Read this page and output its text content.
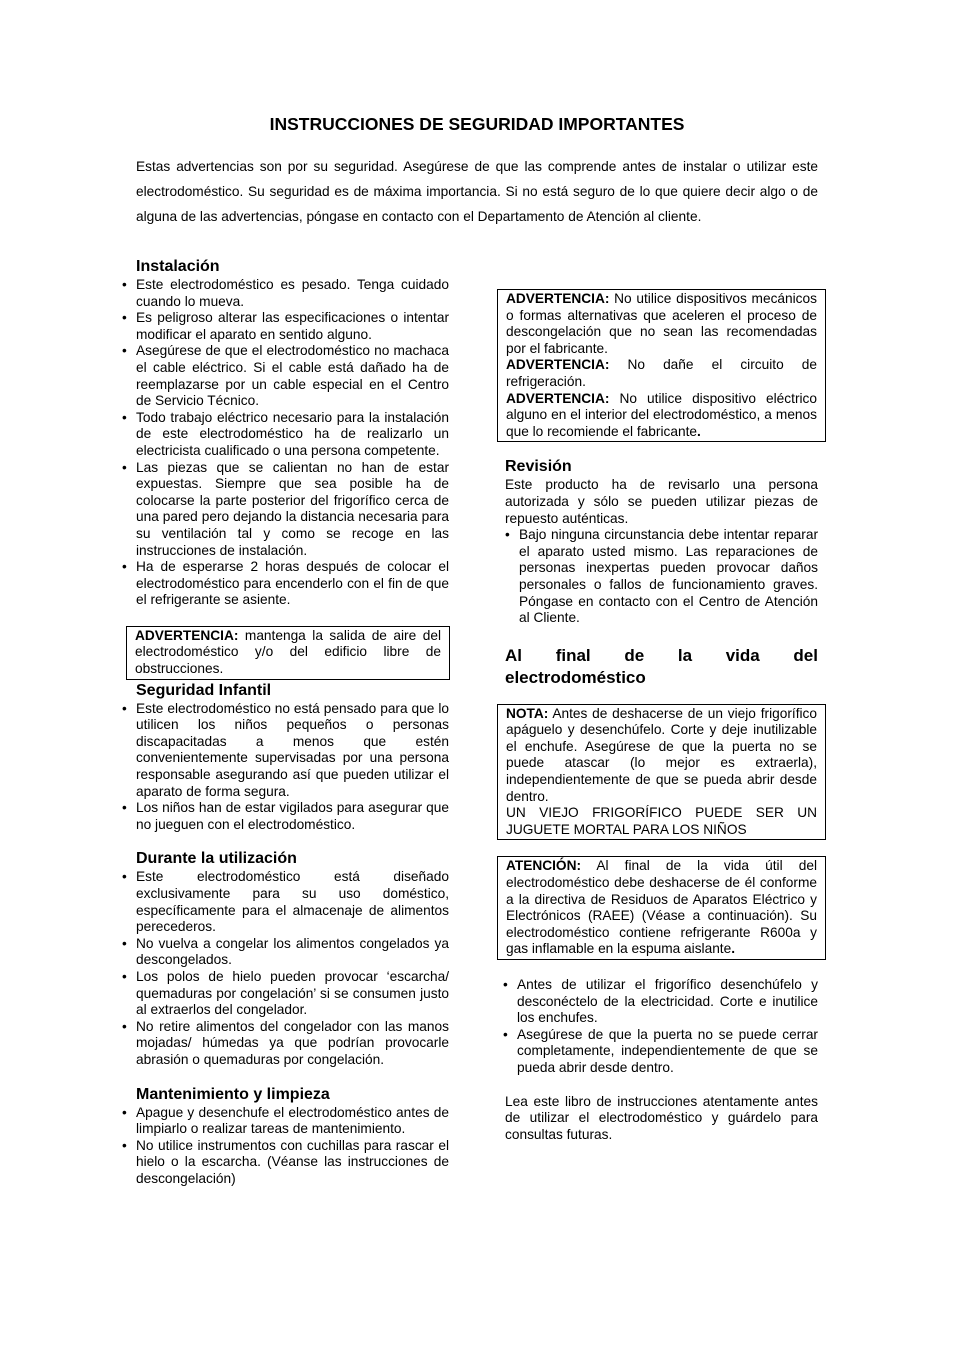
INSTRUCCIONES DE SEGURIDAD IMPORTANTES
Estas advertencias son por su seguridad. Asegúrese de que las comprende antes de instalar o utilizar este electrodoméstico. Su seguridad es de máxima importancia. Si no está seguro de lo que quiere decir algo o de alguna de las advertencias, póngase en contacto con el Departamento de Atención al cliente.
Instalación
• Este electrodoméstico es pesado. Tenga cuidado cuando lo mueva.
• Es peligroso alterar las especificaciones o intentar modificar el aparato en sentido alguno.
• Asegúrese de que el electrodoméstico no machaca el cable eléctrico. Si el cable está dañado ha de reemplazarse por un cable especial en el Centro de Servicio Técnico.
• Todo trabajo eléctrico necesario para la instalación de este electrodoméstico ha de realizarlo un electricista cualificado o una persona competente.
• Las piezas que se calientan no han de estar expuestas. Siempre que sea posible ha de colocarse la parte posterior del frigorífico cerca de una pared pero dejando la distancia necesaria para su ventilación tal y como se recoge en las instrucciones de instalación.
• Ha de esperarse 2 horas después de colocar el electrodoméstico para encenderlo con el fin de que el refrigerante se asiente.
ADVERTENCIA: mantenga la salida de aire del electrodoméstico y/o del edificio libre de obstrucciones.
Seguridad Infantil
• Este electrodoméstico no está pensado para que lo utilicen los niños pequeños o personas discapacitadas a menos que estén convenientemente supervisadas por una persona responsable asegurando así que pueden utilizar el aparato de forma segura.
• Los niños han de estar vigilados para asegurar que no jueguen con el electrodoméstico.
Durante la utilización
• Este electrodoméstico está diseñado exclusivamente para su uso doméstico, específicamente para el almacenaje de alimentos perecederos.
• No vuelva a congelar los alimentos congelados ya descongelados.
• Los polos de hielo pueden provocar ‘escarcha/ quemaduras por congelación’ si se consumen justo al extraerlos del congelador.
• No retire alimentos del congelador con las manos mojadas/ húmedas ya que podrían provocarle abrasión o quemaduras por congelación.
Mantenimiento y limpieza
• Apague y desenchufe el electrodoméstico antes de limpiarlo o realizar tareas de mantenimiento.
• No utilice instrumentos con cuchillas para rascar el hielo o la escarcha. (Véanse las instrucciones de descongelación)

ADVERTENCIA: No utilice dispositivos mecánicos o formas alternativas que aceleren el proceso de descongelación que no sean las recomendadas por el fabricante.

ADVERTENCIA: No dañe el circuito de refrigeración.

ADVERTENCIA: No utilice dispositivo eléctrico alguno en el interior del electrodoméstico, a menos que lo recomiende el fabricante.

Revisión

Este producto ha de revisarlo una persona autorizada y sólo se pueden utilizar piezas de repuesto auténticas.

• Bajo ninguna circunstancia debe intentar reparar el aparato usted mismo. Las reparaciones de personas inexpertas pueden provocar daños personales o fallos de funcionamiento graves. Póngase en contacto con el Centro de Atención al Cliente.
Al final de la vida del electrodoméstico

NOTA: Antes de deshacerse de un viejo frigorífico apáguelo y desenchúfelo. Corte y deje inutilizable el enchufe. Asegúrese de que la puerta no se puede atascar (lo mejor es extraerla), independientemente de que se pueda abrir desde dentro.

UN VIEJO FRIGORÍFICO PUEDE SER UN JUGUETE MORTAL PARA LOS NIÑOS

ATENCIÓN: Al final de la vida útil del electrodoméstico debe deshacerse de él conforme a la directiva de Residuos de Aparatos Eléctrico y Electrónicos (RAEE) (Véase a continuación). Su electrodoméstico contiene refrigerante R600a y gas inflamable en la espuma aislante.
• Antes de utilizar el frigorífico desenchúfelo y desconéctelo de la electricidad. Corte e inutilice los enchufes.
• Asegúrese de que la puerta no se puede cerrar completamente, independientemente de que se pueda abrir desde dentro.

Lea este libro de instrucciones atentamente antes de utilizar el electrodoméstico y guárdelo para consultas futuras.
